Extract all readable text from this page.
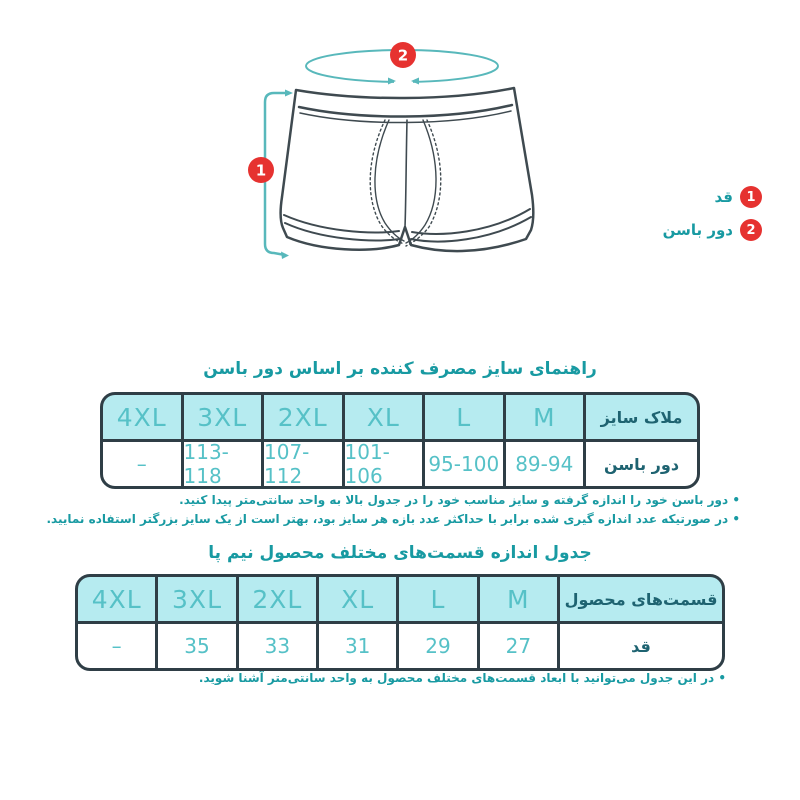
2
1
1
قد
2
دور باسن
راهنمای سایز مصرف کننده بر اساس دور باسن
ملاک سایز
M
L
XL
2XL
3XL
4XL
دور باسن
89-94
95-100
101-106
107-112
113-118
–
• دور باسن خود را اندازه گرفته و سایز مناسب خود را در جدول بالا به واحد سانتی‌متر پیدا کنید.
• در صورتیکه عدد اندازه گیری شده برابر با حداکثر عدد بازه هر سایز بود، بهتر است از یک سایز بزرگتر استفاده نمایید.
جدول اندازه قسمت‌های مختلف محصول نیم پا
قسمت‌های محصول
M
L
XL
2XL
3XL
4XL
قد
27
29
31
33
35
–
• در این جدول می‌توانید با ابعاد قسمت‌های مختلف محصول به واحد سانتی‌متر آشنا شوید.
